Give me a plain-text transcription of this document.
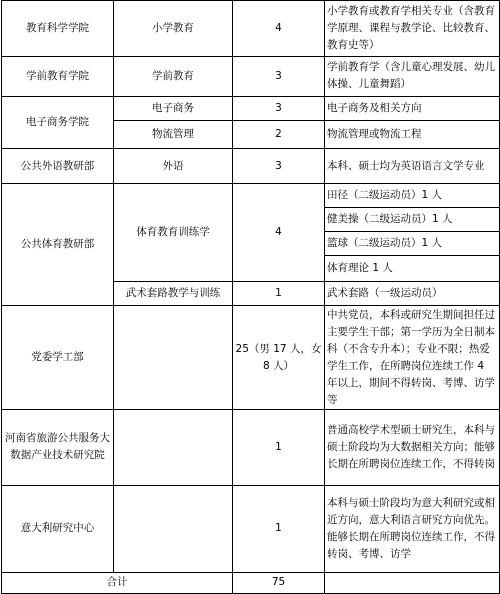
教育科学学院	小学教育	4	小学教育或教育学相关专业（含教育学原理、课程与教学论、比较教育、教育史等）
学前教育学院	学前教育	3	学前教育学（含儿童心理发展、幼儿体操、儿童舞蹈）
电子商务学院	电子商务	3	电子商务及相关方向
	物流管理	2	物流管理或物流工程
公共外语教研部	外语	3	本科、硕士均为英语语言文学专业
公共体育教研部	体育教育训练学	4	田径（二级运动员）1 人
			健美操（二级运动员）1 人
			篮球（二级运动员）1 人
			体育理论 1 人
	武术套路教学与训练	1	武术套路（一级运动员）
党委学工部		25（男 17 人，女 8 人）	中共党员，本科或研究生期间担任过主要学生干部；第一学历为全日制本科（不含专升本）；专业不限；热爱学生工作，在所聘岗位连续工作 4 年以上，期间不得转岗、考博、访学等
河南省旅游公共服务大数据产业技术研究院		1	普通高校学术型硕士研究生，本科与硕士阶段均为大数据相关方向；能够长期在所聘岗位连续工作，不得转岗
意大利研究中心		1	本科与硕士阶段均为意大利研究或相近方向，意大利语言研究方向优先。能够长期在所聘岗位连续工作，不得转岗、考博、访学
合计		75	
